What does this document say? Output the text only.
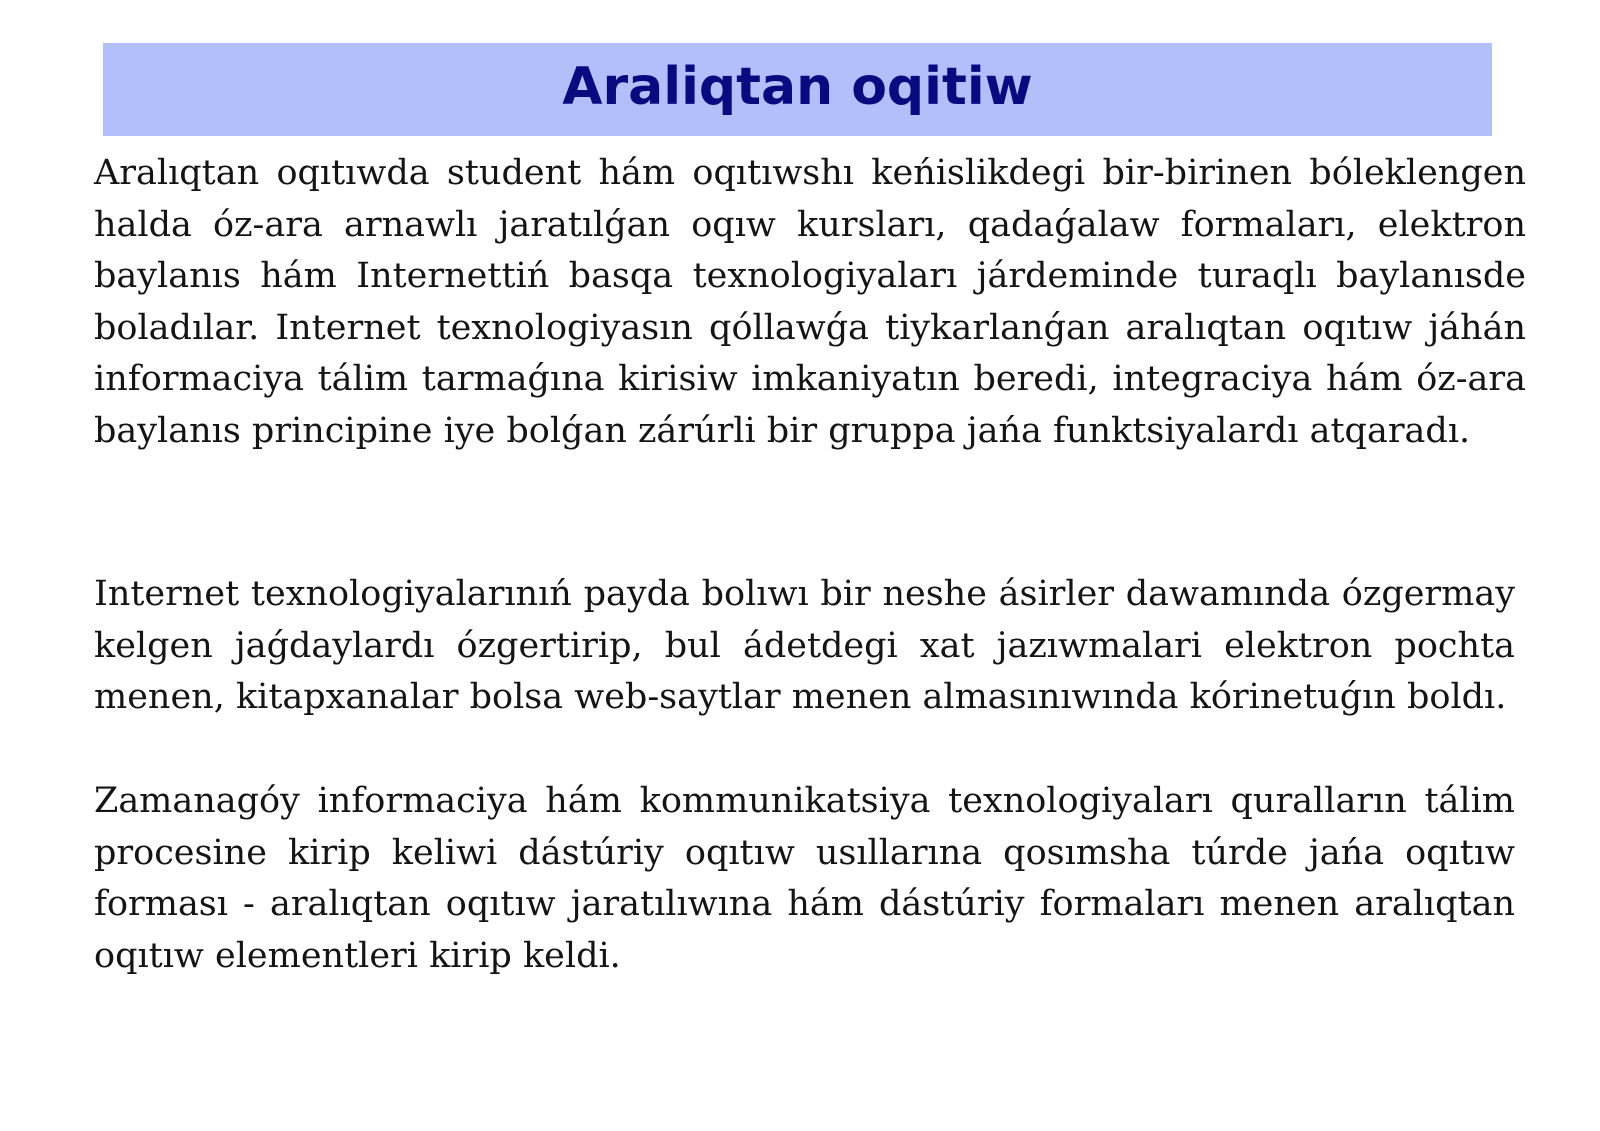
Araliqtan oqitiw

Aralıqtan oqıtıwda student hám oqıtıwshı keńislikdegi bir-birinen bóleklengen halda óz-ara arnawlı jaratılǵan oqıw kursları, qadaǵalaw formaları, elektron baylanıs hám Internettiń basqa texnologiyaları járdeminde turaqlı baylanısde boladılar. Internet texnologiyasın qóllawǵa tiykarlanǵan aralıqtan oqıtıw jáhán informaciya tálim tarmaǵına kirisiw imkaniyatın beredi, integraciya hám óz-ara baylanıs principine iye bolǵan zárúrli bir gruppa jańa funktsiyalardı atqaradı.

Internet texnologiyalarınıń payda bolıwı bir neshe ásirler dawamında ózgermay kelgen jaǵdaylardı ózgertirip, bul ádetdegi xat jazıwmalari elektron pochta menen, kitapxanalar bolsa web-saytlar menen almasınıwında kórinetuǵın boldı.

Zamanagóy informaciya hám kommunikatsiya texnologiyaları quralların tálim procesine kirip keliwi dástúriy oqıtıw usıllarına qosımsha túrde jańa oqıtıw forması - aralıqtan oqıtıw jaratılıwına hám dástúriy formaları menen aralıqtan oqıtıw elementleri kirip keldi.
